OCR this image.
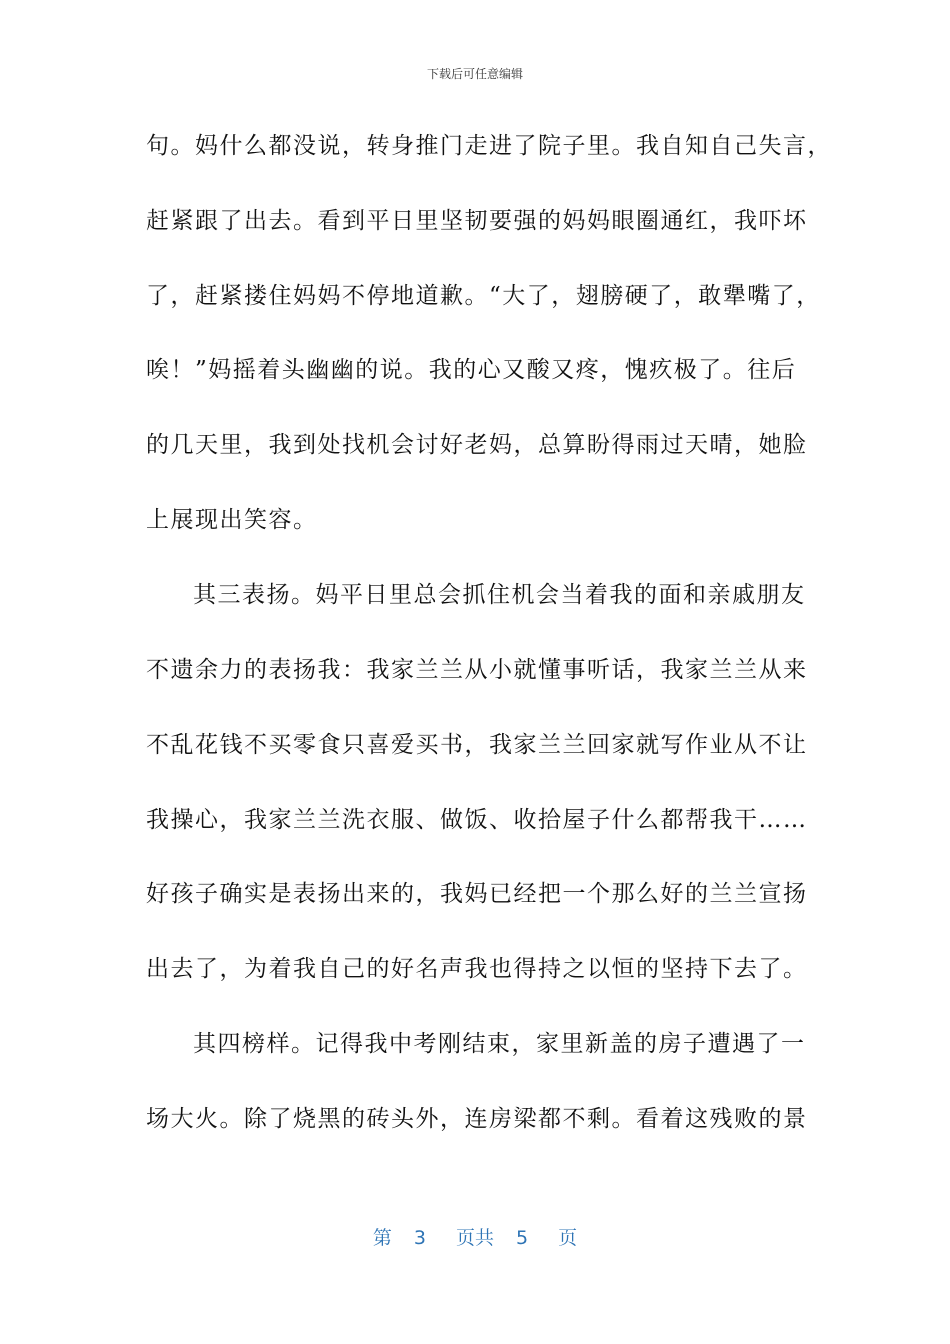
下载后可任意编辑
句。妈什么都没说，转身推门走进了院子里。我自知自己失言，
赶紧跟了出去。看到平日里坚韧要强的妈妈眼圈通红，我吓坏
了，赶紧搂住妈妈不停地道歉。“大了，翅膀硬了，敢犟嘴了，
唉！”妈摇着头幽幽的说。我的心又酸又疼，愧疚极了。往后
的几天里，我到处找机会讨好老妈，总算盼得雨过天晴，她脸
上展现出笑容。
其三表扬。妈平日里总会抓住机会当着我的面和亲戚朋友
不遗余力的表扬我：我家兰兰从小就懂事听话，我家兰兰从来
不乱花钱不买零食只喜爱买书，我家兰兰回家就写作业从不让
我操心，我家兰兰洗衣服、做饭、收拾屋子什么都帮我干……
好孩子确实是表扬出来的，我妈已经把一个那么好的兰兰宣扬
出去了，为着我自己的好名声我也得持之以恒的坚持下去了。
其四榜样。记得我中考刚结束，家里新盖的房子遭遇了一
场大火。除了烧黑的砖头外，连房梁都不剩。看着这残败的景
第 3 页共 5 页
